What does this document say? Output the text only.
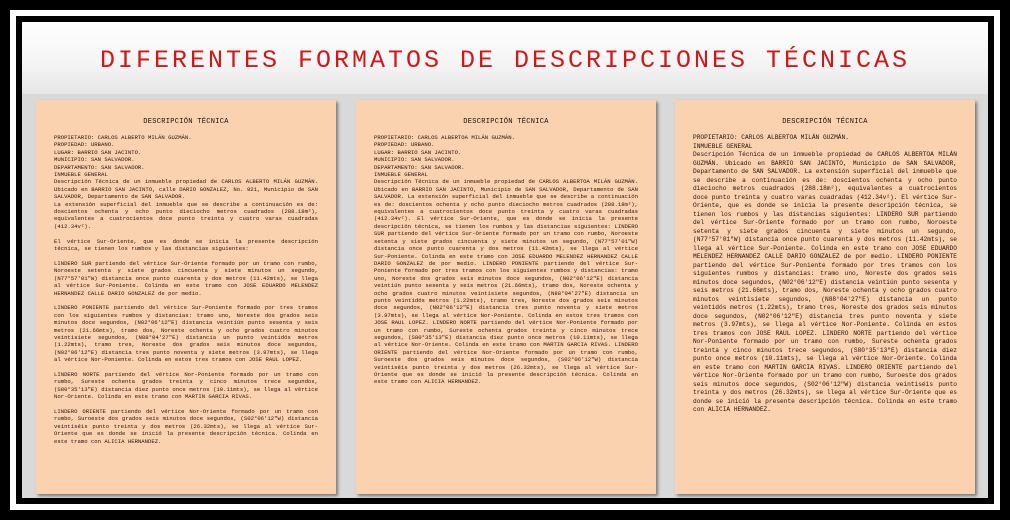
DIFERENTES FORMATOS DE DESCRIPCIONES TÉCNICAS
DESCRIPCIÓN TÉCNICA
PROPIETARIO: CARLOS ALBERTO MILÁN GUZMÁN.
PROPIEDAD: URBANO.
LUGAR: BARRIO SAN JACINTO.
MUNICIPIO: SAN SALVADOR.
DEPARTAMENTO: SAN SALVADOR.
INMUEBLE GENERAL
Descripción Técnica de un inmueble propiedad de CARLOS ALBERTO MILÁN GUZMÁN. Ubicado en BARRIO SAN JACINTO, calle DARIO GONZALEZ, No. 921, Municipio de SAN SALVADOR, Departamento de SAN SALVADOR.
La extensión superficial del inmueble que se describe a continuación es de: doscientos ochenta y ocho punto dieciocho metros cuadrados (288.18m²), equivalentes a cuatrocientos doce punto treinta y cuatro varas cuadradas (412.34v²).

El vértice Sur-Oriente, que es donde se inicia la presente descripción técnica, se tienen los rumbos y las distancias siguientes:

LINDERO SUR partiendo del vértice Sur-Oriente formado por un tramo con rumbo, Noroeste setenta y siete grados cincuenta y siete minutos un segundo, (N77°57'01"W) distancia once punto cuarenta y dos metros (11.42mts), se llega al vértice Sur-Poniente. Colinda en este tramo con JOSE EDUARDO MELENDEZ HERNANDEZ CALLE DARIO GONZALEZ de por medio.

LINDERO PONIENTE partiendo del vértice Sur-Poniente formado por tres tramos con los siguientes rumbos y distancias: tramo uno, Noreste dos grados seis minutos doce segundos, (N02°06'12"E) distancia veintiún punto sesenta y seis metros (21.66mts), tramo dos, Noreste ochenta y ocho grados cuatro minutos veintisiete segundos, (N88°04'27"E) distancia un punto veintidós metros (1.22mts), tramo tres, Noreste dos grados seis minutos doce segundos, (N02°06'12"E) distancia tres punto noventa y siete metros (3.97mts), se llega al vértice Nor-Poniente. Colinda en estos tres tramos con JOSE RAUL LOPEZ.

LINDERO NORTE partiendo del vértice Nor-Poniente formado por un tramo con rumbo, Sureste ochenta grados treinta y cinco minutos trece segundos, (S80°35'13"E) distancia diez punto once metros (10.11mts), se llega al vértice Nor-Oriente. Colinda en este tramo con MARTIN GARCIA RIVAS.

LINDERO ORIENTE partiendo del vértice Nor-Oriente formado por un tramo con rumbo, Suroeste dos grados seis minutos doce segundos, (S02°06'12"W) distancia veintiséis punto treinta y dos metros (26.32mts), se llega al vértice Sur-Oriente que es donde se inició la presente descripción técnica. Colinda en este tramo con ALICIA HERNANDEZ.
DESCRIPCIÓN TÉCNICA
PROPIETARIO: CARLOS ALBERTOA MILÁN GUZMÁN.
PROPIEDAD: URBANO.
LUGAR: BARRIO SAN JACINTO.
MUNICIPIO: SAN SALVADOR.
DEPARTAMENTO: SAN SALVADOR.
INMUEBLE GENERAL
Descripción Técnica de un inmueble propiedad de CARLOS ALBERTOA MILÁN GUZMÁN. Ubicado en BARRIO SAN JACINTO, Municipio de SAN SALVADOR, Departamento de SAN SALVADOR. La extensión superficial del inmueble que se describe a continuación es de: doscientos ochenta y ocho punto dieciocho metros cuadrados (288.18m²), equivalentes a cuatrocientos doce punto treinta y cuatro varas cuadradas (412.34v²). El vértice Sur-Oriente, que es donde se inicia la presente descripción técnica, se tienen los rumbos y las distancias siguientes: LINDERO SUR partiendo del vértice Sur-Oriente formado por un tramo con rumbo, Noroeste setenta y siete grados cincuenta y siete minutos un segundo, (N77°57'01"W) distancia once punto cuarenta y dos metros (11.42mts), se llega al vértice Sur-Poniente. Colinda en este tramo con JOSE EDUARDO MELENDEZ HERNANDEZ CALLE DARIO GONZALEZ de por medio. LINDERO PONIENTE partiendo del vértice Sur-Poniente formado por tres tramos con los siguientes rumbos y distancias: tramo uno, Noreste dos grados seis minutos doce segundos, (N02°06'12"E) distancia veintiún punto sesenta y seis metros (21.66mts), tramo dos, Noreste ochenta y ocho grados cuatro minutos veintisiete segundos, (N88°04'27"E) distancia un punto veintidós metros (1.22mts), tramo tres, Noreste dos grados seis minutos doce segundos, (N02°06'12"E) distancia tres punto noventa y siete metros (3.97mts), se llega al vértice Nor-Poniente. Colinda en estos tres tramos con JOSE RAUL LOPEZ. LINDERO NORTE partiendo del vértice Nor-Poniente formado por un tramo con rumbo, Sureste ochenta grados treinta y cinco minutos trece segundos, (S80°35'13"E) distancia diez punto once metros (10.11mts), se llega al vértice Nor-Oriente. Colinda en este tramo con MARTIN GARCIA RIVAS. LINDERO ORIENTE partiendo del vértice Nor-Oriente formado por un tramo con rumbo, Suroeste dos grados seis minutos doce segundos, (S02°06'12"W) distancia veintiséis punto treinta y dos metros (26.32mts), se llega al vértice Sur-Oriente que es donde se inició la presente descripción técnica. Colinda en este tramo con ALICIA HERNANDEZ.
DESCRIPCIÓN TÉCNICA
PROPIETARIO: CARLOS ALBERTOA MILÁN GUZMÁN.
INMUEBLE GENERAL
Descripción Técnica de un inmueble propiedad de CARLOS ALBERTOA MILÁN GUZMÁN. Ubicado en BARRIO SAN JACINTO, Municipio de SAN SALVADOR, Departamento de SAN SALVADOR. La extensión superficial del inmueble que se describe a continuación es de: doscientos ochenta y ocho punto dieciocho metros cuadrados (288.18m²), equivalentes a cuatrocientos doce punto treinta y cuatro varas cuadradas (412.34v²). El vértice Sur-Oriente, que es donde se inicia la presente descripción técnica, se tienen los rumbos y las distancias siguientes: LINDERO SUR partiendo del vértice Sur-Oriente formado por un tramo con rumbo, Noroeste setenta y siete grados cincuenta y siete minutos un segundo, (N77°57'01"W) distancia once punto cuarenta y dos metros (11.42mts), se llega al vértice Sur-Poniente. Colinda en este tramo con JOSE EDUARDO MELENDEZ HERNANDEZ CALLE DARIO GONZALEZ de por medio. LINDERO PONIENTE partiendo del vértice Sur-Poniente formado por tres tramos con los siguientes rumbos y distancias: tramo uno, Noreste dos grados seis minutos doce segundos, (N02°06'12"E) distancia veintiún punto sesenta y seis metros (21.66mts), tramo dos, Noreste ochenta y ocho grados cuatro minutos veintisiete segundos, (N88°04'27"E) distancia un punto veintidós metros (1.22mts), tramo tres, Noreste dos grados seis minutos doce segundos, (N02°06'12"E) distancia tres punto noventa y siete metros (3.97mts), se llega al vértice Nor-Poniente. Colinda en estos tres tramos con JOSE RAUL LOPEZ. LINDERO NORTE partiendo del vértice Nor-Poniente formado por un tramo con rumbo, Sureste ochenta grados treinta y cinco minutos trece segundos, (S80°35'13"E) distancia diez punto once metros (10.11mts), se llega al vértice Nor-Oriente. Colinda en este tramo con MARTIN GARCIA RIVAS. LINDERO ORIENTE partiendo del vértice Nor-Oriente formado por un tramo con rumbo, Suroeste dos grados seis minutos doce segundos, (S02°06'12"W) distancia veintiséis punto treinta y dos metros (26.32mts), se llega al vértice Sur-Oriente que es donde se inició la presente descripción técnica. Colinda en este tramo con ALICIA HERNANDEZ.
